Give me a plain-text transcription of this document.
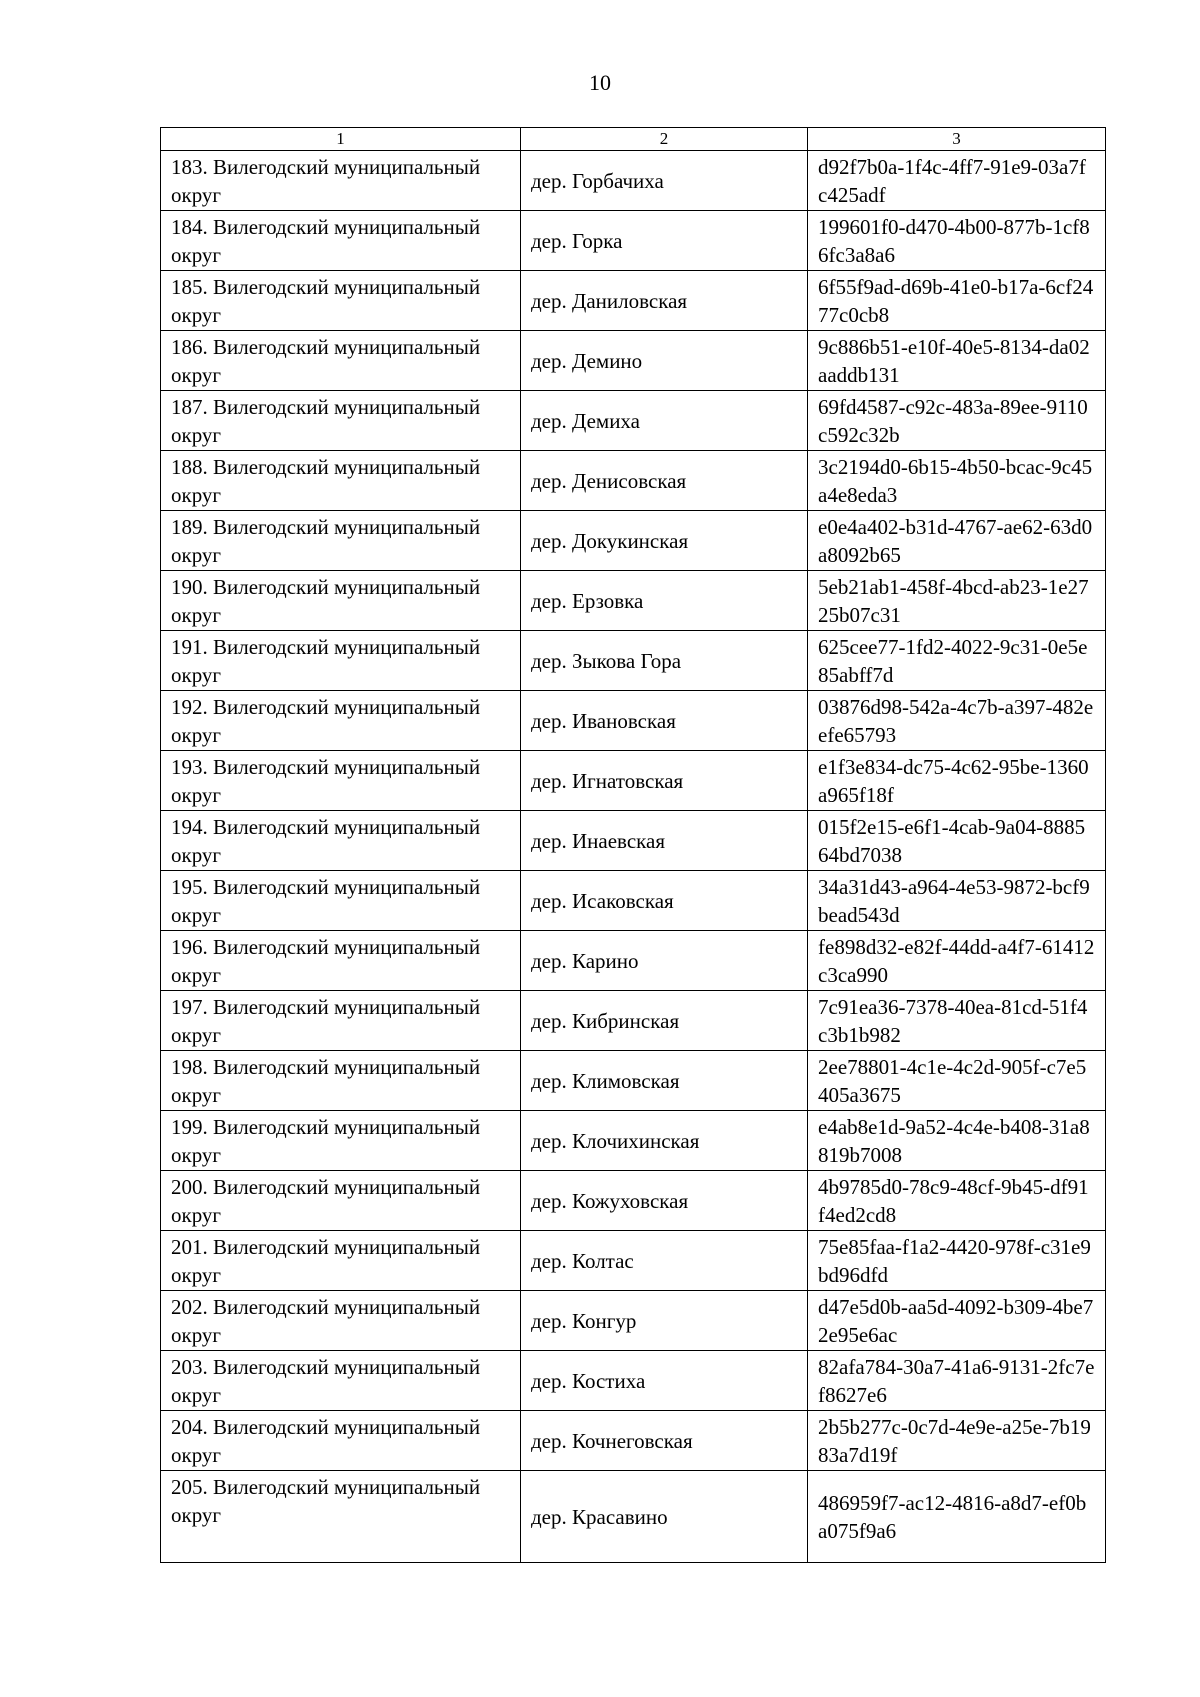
10
1	2	3
183. Вилегодский муниципальный округ	дер. Горбачиха	d92f7b0a-1f4c-4ff7-91e9-03a7fc425adf
184. Вилегодский муниципальный округ	дер. Горка	199601f0-d470-4b00-877b-1cf86fc3a8a6
185. Вилегодский муниципальный округ	дер. Даниловская	6f55f9ad-d69b-41e0-b17a-6cf2477c0cb8
186. Вилегодский муниципальный округ	дер. Демино	9c886b51-e10f-40e5-8134-da02aaddb131
187. Вилегодский муниципальный округ	дер. Демиха	69fd4587-c92c-483a-89ee-9110c592c32b
188. Вилегодский муниципальный округ	дер. Денисовская	3c2194d0-6b15-4b50-bcac-9c45a4e8eda3
189. Вилегодский муниципальный округ	дер. Докукинская	e0e4a402-b31d-4767-ae62-63d0a8092b65
190. Вилегодский муниципальный округ	дер. Ерзовка	5eb21ab1-458f-4bcd-ab23-1e2725b07c31
191. Вилегодский муниципальный округ	дер. Зыкова Гора	625cee77-1fd2-4022-9c31-0e5e85abff7d
192. Вилегодский муниципальный округ	дер. Ивановская	03876d98-542a-4c7b-a397-482eefe65793
193. Вилегодский муниципальный округ	дер. Игнатовская	e1f3e834-dc75-4c62-95be-1360a965f18f
194. Вилегодский муниципальный округ	дер. Инаевская	015f2e15-e6f1-4cab-9a04-888564bd7038
195. Вилегодский муниципальный округ	дер. Исаковская	34a31d43-a964-4e53-9872-bcf9bead543d
196. Вилегодский муниципальный округ	дер. Карино	fe898d32-e82f-44dd-a4f7-61412c3ca990
197. Вилегодский муниципальный округ	дер. Кибринская	7c91ea36-7378-40ea-81cd-51f4c3b1b982
198. Вилегодский муниципальный округ	дер. Климовская	2ee78801-4c1e-4c2d-905f-c7e5405a3675
199. Вилегодский муниципальный округ	дер. Клочихинская	e4ab8e1d-9a52-4c4e-b408-31a8819b7008
200. Вилегодский муниципальный округ	дер. Кожуховская	4b9785d0-78c9-48cf-9b45-df91f4ed2cd8
201. Вилегодский муниципальный округ	дер. Колтас	75e85faa-f1a2-4420-978f-c31e9bd96dfd
202. Вилегодский муниципальный округ	дер. Конгур	d47e5d0b-aa5d-4092-b309-4be72e95e6ac
203. Вилегодский муниципальный округ	дер. Костиха	82afa784-30a7-41a6-9131-2fc7ef8627e6
204. Вилегодский муниципальный округ	дер. Кочнеговская	2b5b277c-0c7d-4e9e-a25e-7b1983a7d19f
205. Вилегодский муниципальный округ	дер. Красавино	486959f7-ac12-4816-a8d7-ef0ba075f9a6
